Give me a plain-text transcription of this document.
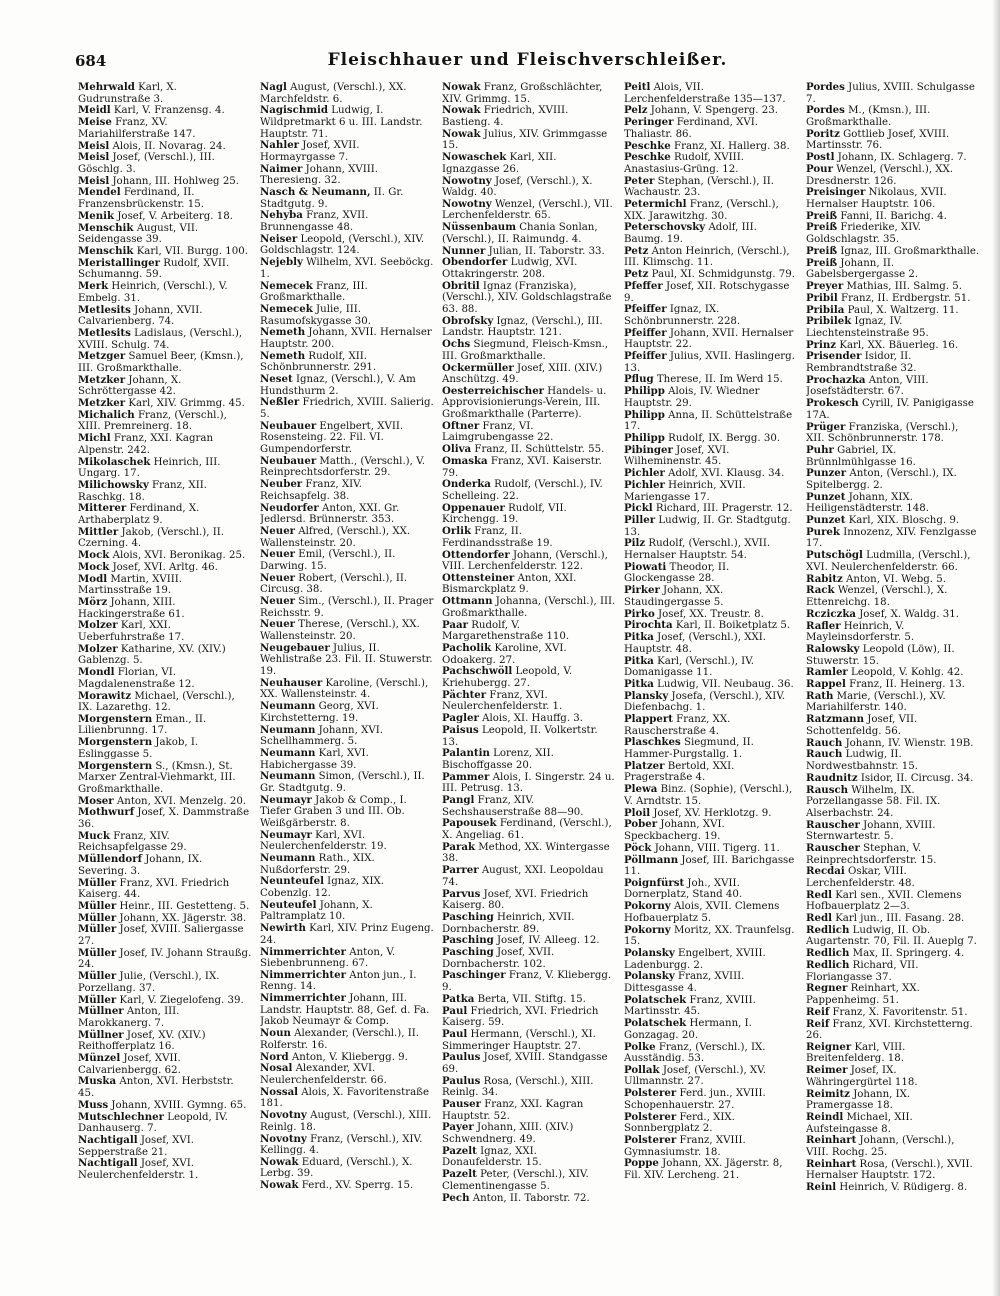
684	Fleischhauer und Fleischverschleißer.
Mehrwald Karl, X. Gudrunstraße 3.
Meidl Karl, V. Franzensg. 4.
Meise Franz, XV. Mariahilferstraße 147.
Meisl Alois, II. Novarag. 24.
Meisl Josef, (Verschl.), III. Göschlg. 3.
Meisl Johann, III. Hohlweg 25.
Mendel Ferdinand, II. Franzensbrückenstr. 15.
Menik Josef, V. Arbeiterg. 18.
Menschik August, VII. Seidengasse 39.
Menschik Karl, VII. Burgg. 100.
Meristallinger Rudolf, XVII. Schumanng. 59.
Merk Heinrich, (Verschl.), V. Embelg. 31.
Metlesits Johann, XVII. Calvarienberg. 74.
Metlesits Ladislaus, (Verschl.), XVIII. Schulg. 74.
Metzger Samuel Beer, (Kmsn.), III. Großmarkthalle.
Metzker Johann, X. Schröttergasse 42.
Metzker Karl, XIV. Grimmg. 45.
Michalich Franz, (Verschl.), XIII. Premreinerg. 18.
Michl Franz, XXI. Kagran Alpenstr. 242.
Mikolaschek Heinrich, III. Ungarg. 17.
Milichowsky Franz, XII. Raschkg. 18.
Mitterer Ferdinand, X. Arthaberplatz 9.
Mittler Jakob, (Verschl.), II. Czerning. 4.
Mock Alois, XVI. Beronikag. 25.
Mock Josef, XVI. Arltg. 46.
Modl Martin, XVIII. Martinsstraße 19.
Mörz Johann, XIII. Hackingerstraße 61.
Molzer Karl, XXI. Ueberfuhrstraße 17.
Molzer Katharine, XV. (XIV.) Gablenzg. 5.
Mondl Florian, VI. Magdalenenstraße 12.
Morawitz Michael, (Verschl.), IX. Lazarethg. 12.
Morgenstern Eman., II. Lilienbrunng. 17.
Morgenstern Jakob, I. Eslinggasse 5.
Morgenstern S., (Kmsn.), St. Marxer Zentral-Viehmarkt, III. Großmarkthalle.
Moser Anton, XVI. Menzelg. 20.
Mothwurf Josef, X. Dammstraße 36.
Muck Franz, XIV. Reichsapfelgasse 29.
Müllendorf Johann, IX. Severing. 3.
Müller Franz, XVI. Friedrich Kaiserg. 44.
Müller Heinr., III. Gestetteng. 5.
Müller Johann, XX. Jägerstr. 38.
Müller Josef, XVIII. Saliergasse 27.
Müller Josef, IV. Johann Straußg. 24.
Müller Julie, (Verschl.), IX. Porzellang. 37.
Müller Karl, V. Ziegelofeng. 39.
Müllner Anton, III. Marokkanerg. 7.
Müllner Josef, XV. (XIV.) Reithofferplatz 16.
Münzel Josef, XVII. Calvarienbergg. 62.
Muska Anton, XVI. Herbststr. 45.
Muss Johann, XVIII. Gymng. 65.
Mutschlechner Leopold, IV. Danhauserg. 7.
Nachtigall Josef, XVI. Sepperstraße 21.
Nachtigall Josef, XVI. Neulerchenfelderstr. 1.
Nagl August, (Verschl.), XX. Marchfeldstr. 6.
Nagischmid Ludwig, I. Wildpretmarkt 6 u. III. Landstr. Hauptstr. 71.
Nahler Josef, XVII. Hormayrgasse 7.
Naimer Johann, XVIII. Theresieng. 32.
Nasch & Neumann, II. Gr. Stadtgutg. 9.
Nehyba Franz, XVII. Brunnengasse 48.
Neiser Leopold, (Verschl.), XIV. Goldschlagstr. 124.
Nejebly Wilhelm, XVI. Seeböckg. 1.
Nemecek Franz, III. Großmarkthalle.
Nemecek Julie, III. Rasumofskygasse 30.
Nemeth Johann, XVII. Hernalser Hauptstr. 200.
Nemeth Rudolf, XII. Schönbrunnerstr. 291.
Neset Ignaz, (Verschl.), V. Am Hundsthurm 2.
Neßler Friedrich, XVIII. Salierig. 5.
Neubauer Engelbert, XVII. Rosensteing. 22. Fil. VI. Gumpendorferstr.
Neubauer Matth., (Verschl.), V. Reinprechtsdorferstr. 29.
Neuber Franz, XIV. Reichsapfelg. 38.
Neudorfer Anton, XXI. Gr. Jedlersd. Brünnerstr. 353.
Neuer Alfred, (Verschl.), XX. Wallensteinstr. 20.
Neuer Emil, (Verschl.), II. Darwing. 15.
Neuer Robert, (Verschl.), II. Circusg. 38.
Neuer Sim., (Verschl.), II. Prager Reichsstr. 9.
Neuer Therese, (Verschl.), XX. Wallensteinstr. 20.
Neugebauer Julius, II. Wehlistraße 23. Fil. II. Stuwerstr. 19.
Neuhauser Karoline, (Verschl.), XX. Wallensteinstr. 4.
Neumann Georg, XVI. Kirchstetterng. 19.
Neumann Johann, XVI. Schellhammerg. 5.
Neumann Karl, XVI. Habichergasse 39.
Neumann Simon, (Verschl.), II. Gr. Stadtgutg. 9.
Neumayr Jakob & Comp., I. Tiefer Graben 3 und III. Ob. Weißgärberstr. 8.
Neumayr Karl, XVI. Neulerchenfelderstr. 19.
Neumann Rath., XIX. Nußdorferstr. 29.
Neunteufel Ignaz, XIX. Cobenzlg. 12.
Neuteufel Johann, X. Paltramplatz 10.
Newirth Karl, XIV. Prinz Eugeng. 24.
Nimmerrichter Anton, V. Siebenbrunneng. 67.
Nimmerrichter Anton jun., I. Renng. 14.
Nimmerrichter Johann, III. Landstr. Hauptstr. 88, Gef. d. Fa. Jakob Neumayr & Comp.
Noun Alexander, (Verschl.), II. Rolferstr. 16.
Nord Anton, V. Kliebergg. 9.
Nosal Alexander, XVI. Neulerchenfelderstr. 66.
Nossal Alois, X. Favoritenstraße 181.
Novotny August, (Verschl.), XIII. Reinlg. 18.
Novotny Franz, (Verschl.), XIV. Kellingg. 4.
Nowak Eduard, (Verschl.), X. Lerbg. 39.
Nowak Ferd., XV. Sperrg. 15.
Nowak Franz, Großschlächter, XIV. Grimmg. 15.
Nowak Friedrich, XVIII. Bastieng. 4.
Nowak Julius, XIV. Grimmgasse 15.
Nowaschek Karl, XII. Ignazgasse 26.
Nowotny Josef, (Verschl.), X. Waldg. 40.
Nowotny Wenzel, (Verschl.), VII. Lerchenfelderstr. 65.
Nüssenbaum Chania Sonlan, (Verschl.), II. Raimundg. 4.
Nunner Julian, II. Taborstr. 33.
Obendorfer Ludwig, XVI. Ottakringerstr. 208.
Obritil Ignaz (Franziska), (Verschl.), XIV. Goldschlagstraße 63. 88.
Obrofsky Ignaz, (Verschl.), III. Landstr. Hauptstr. 121.
Ochs Siegmund, Fleisch-Kmsn., III. Großmarkthalle.
Ockermüller Josef, XIII. (XIV.) Anschützg. 49.
Oesterreichischer Handels- u. Approvisionierungs-Verein, III. Großmarkthalle (Parterre).
Oftner Franz, VI. Laimgrubengasse 22.
Oliva Franz, II. Schüttelstr. 55.
Omaska Franz, XVI. Kaiserstr. 79.
Onderka Rudolf, (Verschl.), IV. Schelleing. 22.
Oppenauer Rudolf, VII. Kirchengg. 19.
Orlik Franz, II. Ferdinandsstraße 19.
Ottendorfer Johann, (Verschl.), VIII. Lerchenfelderstr. 122.
Ottensteiner Anton, XXI. Bismarckplatz 9.
Ottmann Johanna, (Verschl.), III. Großmarkthalle.
Paar Rudolf, V. Margarethenstraße 110.
Pacholik Karoline, XVI. Odoakerg. 27.
Pachschwöll Leopold, V. Kriehubergg. 27.
Pächter Franz, XVI. Neulerchenfelderstr. 1.
Pagler Alois, XI. Hauffg. 3.
Paisus Leopold, II. Volkertstr. 13.
Palantin Lorenz, XII. Bischoffgasse 20.
Pammer Alois, I. Singerstr. 24 u. III. Petrusg. 13.
Pangl Franz, XIV. Sechshauserstraße 88—90.
Papousek Ferdinand, (Verschl.), X. Angeliag. 61.
Parak Method, XX. Wintergasse 38.
Parrer August, XXI. Leopoldau 74.
Parvus Josef, XVI. Friedrich Kaiserg. 80.
Pasching Heinrich, XVII. Dornbacherstr. 89.
Pasching Josef, IV. Alleeg. 12.
Pasching Josef, XVII. Dornbacherstr. 102.
Paschinger Franz, V. Kliebergg. 9.
Patka Berta, VII. Stiftg. 15.
Paul Friedrich, XVI. Friedrich Kaiserg. 59.
Paul Hermann, (Verschl.), XI. Simmeringer Hauptstr. 27.
Paulus Josef, XVIII. Standgasse 69.
Paulus Rosa, (Verschl.), XIII. Reinlg. 34.
Pauser Franz, XXI. Kagran Hauptstr. 52.
Payer Johann, XIII. (XIV.) Schwendnerg. 49.
Pazelt Ignaz, XXI. Donaufelderstr. 15.
Pazelt Peter, (Verschl.), XIV. Clementinengasse 5.
Pech Anton, II. Taborstr. 72.
Peitl Alois, VII. Lerchenfelderstraße 135—137.
Pelz Johann, V. Spengerg. 23.
Peringer Ferdinand, XVI. Thaliastr. 86.
Peschke Franz, XI. Hallerg. 38.
Peschke Rudolf, XVIII. Anastasius-Grüng. 12.
Peter Stephan, (Verschl.), II. Wachaustr. 23.
Petermichl Franz, (Verschl.), XIX. Jarawitzhg. 30.
Peterschovsky Adolf, III. Baumg. 19.
Petz Anton Heinrich, (Verschl.), III. Klimschg. 11.
Petz Paul, XI. Schmidgunstg. 79.
Pfeffer Josef, XII. Rotschygasse 9.
Pfeiffer Ignaz, IX. Schönbrunnerstr. 228.
Pfeiffer Johann, XVII. Hernalser Hauptstr. 22.
Pfeiffer Julius, XVII. Haslingerg. 13.
Pflug Therese, II. Im Werd 15.
Philipp Alois, IV. Wiedner Hauptstr. 29.
Philipp Anna, II. Schüttelstraße 17.
Philipp Rudolf, IX. Bergg. 30.
Pibinger Josef, XVI. Wilheminenstr. 45.
Pichler Adolf, XVI. Klausg. 34.
Pichler Heinrich, XVII. Mariengasse 17.
Pickl Richard, III. Pragerstr. 12.
Piller Ludwig, II. Gr. Stadtgutg. 13.
Pilz Rudolf, (Verschl.), XVII. Hernalser Hauptstr. 54.
Piowati Theodor, II. Glockengasse 28.
Pirker Johann, XX. Staudingergasse 5.
Pirko Josef, XX. Treustr. 8.
Pirochta Karl, II. Boiketplatz 5.
Pitka Josef, (Verschl.), XXI. Hauptstr. 48.
Pitka Karl, (Verschl.), IV. Domanigasse 11.
Pitka Ludwig, VII. Neubaug. 36.
Plansky Josefa, (Verschl.), XIV. Diefenbachg. 1.
Plappert Franz, XX. Rauscherstraße 4.
Plaschkes Siegmund, II. Hammer-Purgstallg. 1.
Platzer Bertold, XXI. Pragerstraße 4.
Plewa Binz. (Sophie), (Verschl.), V. Arndtstr. 15.
Ploil Josef, XV. Herklotzg. 9.
Pober Johann, XVI. Speckbacherg. 19.
Pöck Johann, VIII. Tigerg. 11.
Pöllmann Josef, III. Barichgasse 11.
Poignfürst Joh., XVII. Dornerplatz, Stand 40.
Pokorny Alois, XVII. Clemens Hofbauerplatz 5.
Pokorny Moritz, XX. Traunfelsg. 15.
Polansky Engelbert, XVIII. Ladenburgg. 2.
Polansky Franz, XVIII. Dittesgasse 4.
Polatschek Franz, XVIII. Martinsstr. 45.
Polatschek Hermann, I. Gonzagag. 20.
Polke Franz, (Verschl.), IX. Ausständig. 53.
Pollak Josef, (Verschl.), XV. Ullmannstr. 27.
Polsterer Ferd. jun., XVIII. Schopenhauerstr. 27.
Polsterer Ferd., XIX. Sonnbergplatz 2.
Polsterer Franz, XVIII. Gymnasiumstr. 18.
Poppe Johann, XX. Jägerstr. 8, Fil. XIV. Lercheng. 21.
Pordes Julius, XVIII. Schulgasse 7.
Pordes M., (Kmsn.), III. Großmarkthalle.
Poritz Gottlieb Josef, XVIII. Martinsstr. 76.
Postl Johann, IX. Schlagerg. 7.
Pour Wenzel, (Verschl.), XX. Dresdnerstr. 126.
Preisinger Nikolaus, XVII. Hernalser Hauptstr. 106.
Preiß Fanni, II. Barichg. 4.
Preiß Friederike, XIV. Goldschlagstr. 35.
Preiß Ignaz, III. Großmarkthalle.
Preiß Johann, II. Gabelsbergergasse 2.
Preyer Mathias, III. Salmg. 5.
Pribil Franz, II. Erdbergstr. 51.
Pribila Paul, X. Waltzerg. 11.
Pribilek Ignaz, IV. Liechtensteinstraße 95.
Prinz Karl, XX. Bäuerleg. 16.
Prisender Isidor, II. Rembrandtstraße 32.
Prochazka Anton, VIII. Josefstädterstr. 67.
Prokesch Cyrill, IV. Panigigasse 17A.
Prüger Franziska, (Verschl.), XII. Schönbrunnerstr. 178.
Puhr Gabriel, IX. Brünnlmühlgasse 16.
Punzer Anton, (Verschl.), IX. Spitelbergg. 2.
Punzet Johann, XIX. Heiligenstädterstr. 148.
Punzet Karl, XIX. Bloschg. 9.
Purek Innozenz, XIV. Fenzlgasse 17.
Putschögl Ludmilla, (Verschl.), XVI. Neulerchenfelderstr. 66.
Rabitz Anton, VI. Webg. 5.
Rack Wenzel, (Verschl.), X. Ettenreichg. 18.
Rcziczka Josef, X. Waldg. 31.
Rafler Heinrich, V. Mayleinsdorferstr. 5.
Ralowsky Leopold (Löw), II. Stuwerstr. 15.
Ramler Leopold, V. Kohlg. 42.
Rappel Franz, II. Heinerg. 13.
Rath Marie, (Verschl.), XV. Mariahilferstr. 140.
Ratzmann Josef, VII. Schottenfeldg. 56.
Rauch Johann, IV. Wienstr. 19B.
Rauch Ludwig, II. Nordwestbahnstr. 15.
Raudnitz Isidor, II. Circusg. 34.
Rausch Wilhelm, IX. Porzellangasse 58. Fil. IX. Alserbachstr. 24.
Rauscher Johann, XVIII. Sternwartestr. 5.
Rauscher Stephan, V. Reinprechtsdorferstr. 15.
Recdai Oskar, VIII. Lerchenfelderstr. 48.
Redl Karl sen., XVII. Clemens Hofbauerplatz 2—3.
Redl Karl jun., III. Fasang. 28.
Redlich Ludwig, II. Ob. Augartenstr. 70, Fil. II. Aueplg 7.
Redlich Max, II. Springerg. 4.
Redlich Richard, VII. Floriangasse 37.
Regner Reinhart, XX. Pappenheimg. 51.
Reif Franz, X. Favoritenstr. 51.
Reif Franz, XVI. Kirchstetterng. 26.
Reigner Karl, VIII. Breitenfelderg. 18.
Reimer Josef, IX. Währingergürtel 118.
Reimitz Johann, IX. Pramergasse 18.
Reindl Michael, XII. Aufsteingasse 8.
Reinhart Johann, (Verschl.), VIII. Rochg. 25.
Reinhart Rosa, (Verschl.), XVII. Hernalser Hauptstr. 172.
Reinl Heinrich, V. Rüdigerg. 8.
